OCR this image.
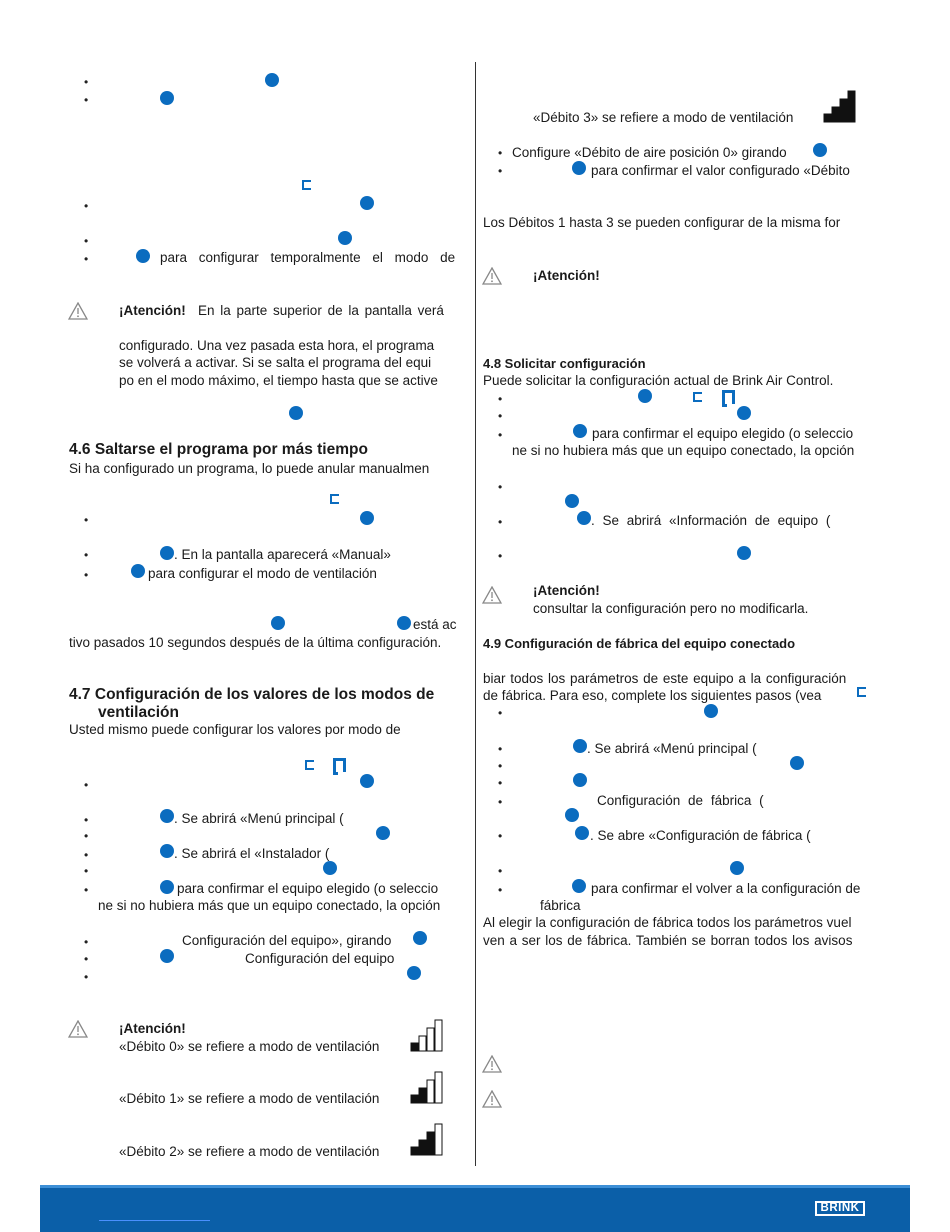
•
•
•
•
•	para configurar temporalmente el modo de
¡Atención! En la parte superior de la pantalla verá
configurado. Una vez pasada esta hora, el programa
se volverá a activar. Si se salta el programa del equi
po en el modo máximo, el tiempo hasta que se active
4.6 Saltarse el programa por más tiempo
Si ha configurado un programa, lo puede anular manualmen
•
•	. En la pantalla aparecerá «Manual»
•	para configurar el modo de ventilación
está ac
tivo pasados 10 segundos después de la última configuración.
4.7 Configuración de los valores de los modos de
ventilación
Usted mismo puede configurar los valores por modo de
•
•	. Se abrirá «Menú principal (
•
•	. Se abrirá el «Instalador (
•
•	para confirmar el equipo elegido (o seleccio
ne si no hubiera más que un equipo conectado, la opción
•	Configuración del equipo», girando
•	Configuración del equipo
•
¡Atención!
«Débito 0» se refiere a modo de ventilación
«Débito 1» se refiere a modo de ventilación
«Débito 2» se refiere a modo de ventilación
«Débito 3» se refiere a modo de ventilación
• Configure «Débito de aire posición 0» girando
•	para confirmar el valor configurado «Débito
Los Débitos 1 hasta 3 se pueden configurar de la misma for
¡Atención!
4.8 Solicitar configuración
Puede solicitar la configuración actual de Brink Air Control.
•
•
•	para confirmar el equipo elegido (o seleccio
ne si no hubiera más que un equipo conectado, la opción
•
•	. Se abrirá «Información de equipo (
•
¡Atención!
consultar la configuración pero no modificarla.
4.9 Configuración de fábrica del equipo conectado
biar todos los parámetros de este equipo a la configuración
de fábrica. Para eso, complete los siguientes pasos (vea
•
•	. Se abrirá «Menú principal (
•
•
•	Configuración de fábrica (
•	. Se abre «Configuración de fábrica (
•
•	para confirmar el volver a la configuración de
fábrica
Al elegir la configuración de fábrica todos los parámetros vuel
ven a ser los de fábrica. También se borran todos los avisos
BRINK
